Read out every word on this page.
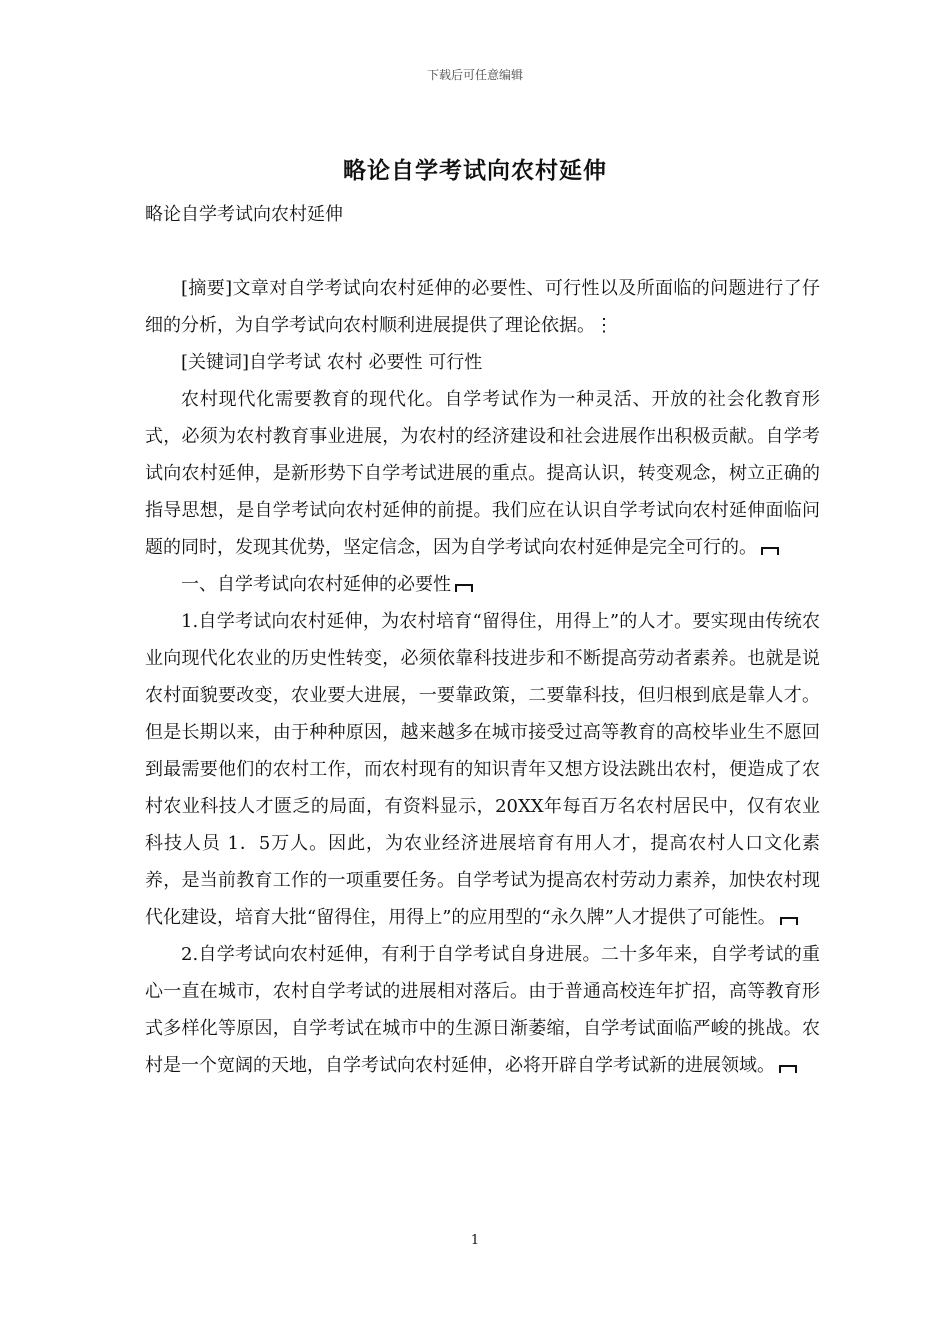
下载后可任意编辑
略论自学考试向农村延伸
略论自学考试向农村延伸

[摘要]文章对自学考试向农村延伸的必要性、可行性以及所面临的问题进行了仔细的分析，为自学考试向农村顺利进展提供了理论依据。⋮

[关键词]自学考试 农村 必要性 可行性

农村现代化需要教育的现代化。自学考试作为一种灵活、开放的社会化教育形式，必须为农村教育事业进展，为农村的经济建设和社会进展作出积极贡献。自学考试向农村延伸，是新形势下自学考试进展的重点。提高认识，转变观念，树立正确的指导思想，是自学考试向农村延伸的前提。我们应在认识自学考试向农村延伸面临问题的同时，发现其优势，坚定信念，因为自学考试向农村延伸是完全可行的。

一、自学考试向农村延伸的必要性

1.自学考试向农村延伸，为农村培育“留得住，用得上”的人才。要实现由传统农业向现代化农业的历史性转变，必须依靠科技进步和不断提高劳动者素养。也就是说农村面貌要改变，农业要大进展，一要靠政策，二要靠科技，但归根到底是靠人才。但是长期以来，由于种种原因，越来越多在城市接受过高等教育的高校毕业生不愿回到最需要他们的农村工作，而农村现有的知识青年又想方设法跳出农村，便造成了农村农业科技人才匮乏的局面，有资料显示，20XX年每百万名农村居民中，仅有农业科技人员 1．5万人。因此，为农业经济进展培育有用人才，提高农村人口文化素养，是当前教育工作的一项重要任务。自学考试为提高农村劳动力素养，加快农村现代化建设，培育大批“留得住，用得上”的应用型的“永久牌”人才提供了可能性。

2.自学考试向农村延伸，有利于自学考试自身进展。二十多年来，自学考试的重心一直在城市，农村自学考试的进展相对落后。由于普通高校连年扩招，高等教育形式多样化等原因，自学考试在城市中的生源日渐萎缩，自学考试面临严峻的挑战。农村是一个宽阔的天地，自学考试向农村延伸，必将开辟自学考试新的进展领域。

1
